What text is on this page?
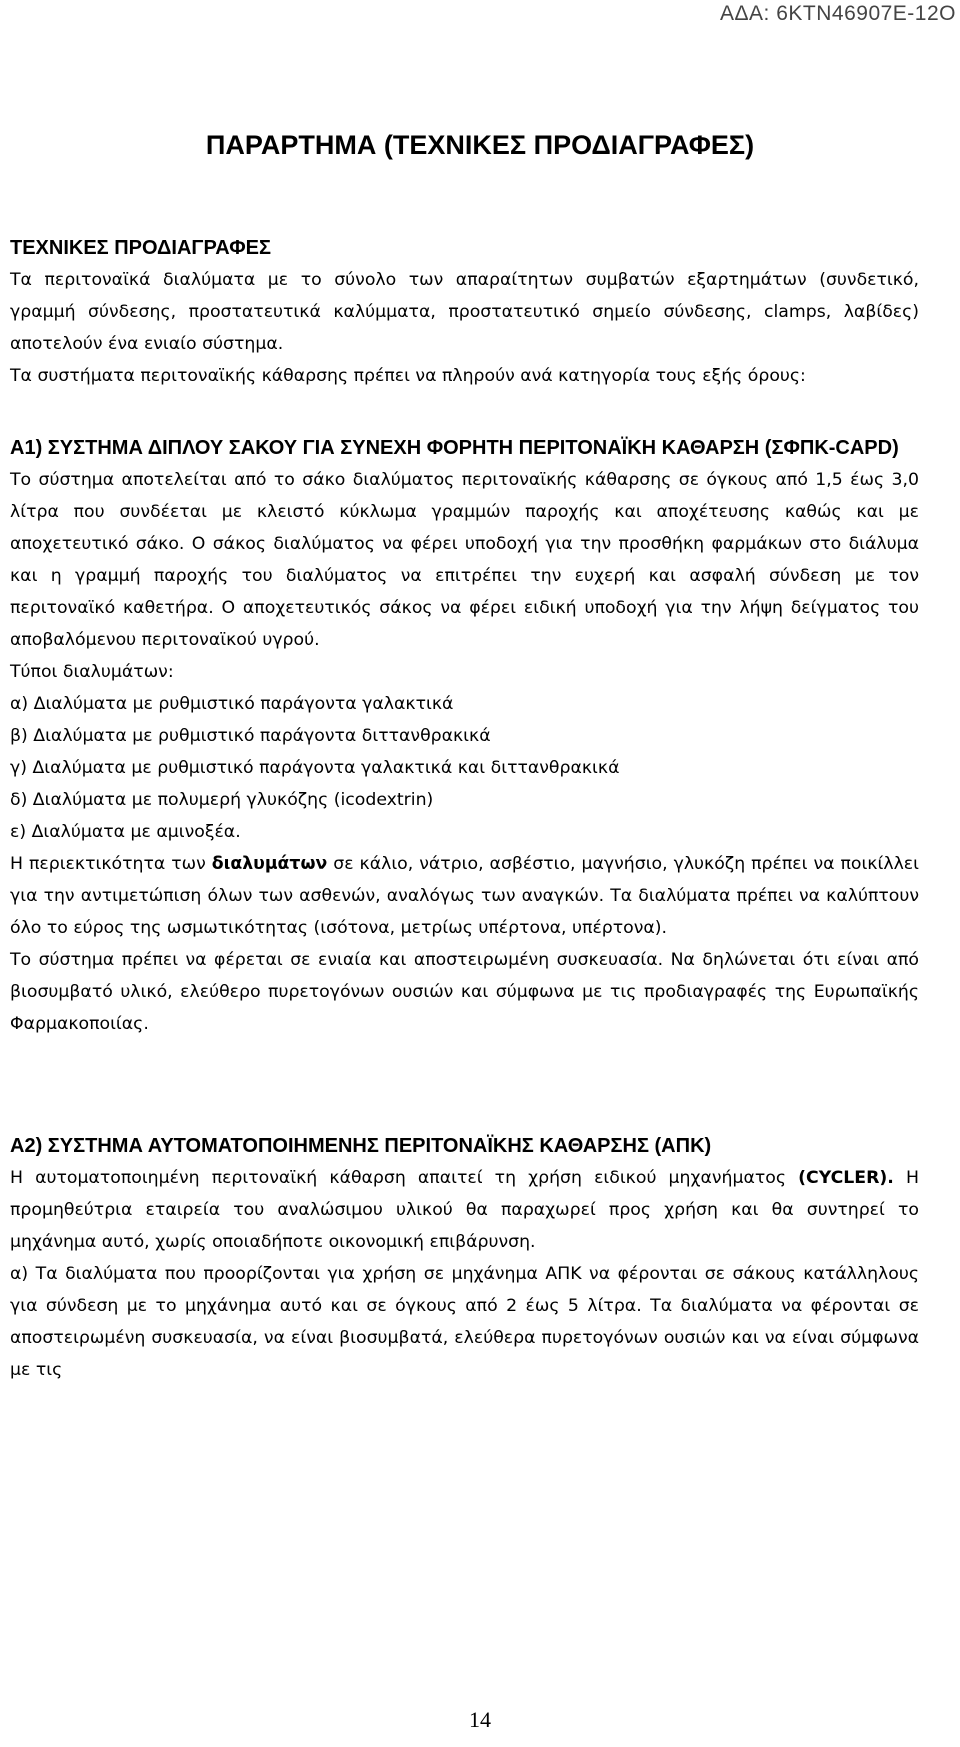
ΑΔΑ: 6ΚΤΝ46907Ε-12Ο
ΠΑΡΑΡΤΗΜΑ (ΤΕΧΝΙΚΕΣ ΠΡΟΔΙΑΓΡΑΦΕΣ)
ΤΕΧΝΙΚΕΣ ΠΡΟΔΙΑΓΡΑΦΕΣ

Τα περιτοναϊκά διαλύματα με το σύνολο των απαραίτητων συμβατών εξαρτημάτων (συνδετικό, γραμμή σύνδεσης, προστατευτικά καλύμματα, προστατευτικό σημείο σύνδεσης, clamps, λαβίδες) αποτελούν ένα ενιαίο σύστημα.

Τα συστήματα περιτοναϊκής κάθαρσης πρέπει να πληρούν ανά κατηγορία τους εξής όρους:

Α1) ΣΥΣΤΗΜΑ ΔΙΠΛΟΥ ΣΑΚΟΥ ΓΙΑ ΣΥΝΕΧΗ ΦΟΡΗΤΗ ΠΕΡΙΤΟΝΑΪΚΗ ΚΑΘΑΡΣΗ (ΣΦΠΚ-CAPD)

Το σύστημα αποτελείται από το σάκο διαλύματος περιτοναϊκής κάθαρσης σε όγκους από 1,5 έως 3,0 λίτρα που συνδέεται με κλειστό κύκλωμα γραμμών παροχής και αποχέτευσης καθώς και με αποχετευτικό σάκο. Ο σάκος διαλύματος να φέρει υποδοχή για την προσθήκη φαρμάκων στο διάλυμα και η γραμμή παροχής του διαλύματος να επιτρέπει την ευχερή και ασφαλή σύνδεση με τον περιτοναϊκό καθετήρα. Ο αποχετευτικός σάκος να φέρει ειδική υποδοχή για την λήψη δείγματος του αποβαλόμενου περιτοναϊκού υγρού.

Τύποι διαλυμάτων:

α) Διαλύματα με ρυθμιστικό παράγοντα γαλακτικά

β) Διαλύματα με ρυθμιστικό παράγοντα διττανθρακικά

γ) Διαλύματα με ρυθμιστικό παράγοντα γαλακτικά και διττανθρακικά

δ) Διαλύματα με πολυμερή γλυκόζης (icodextrin)

ε) Διαλύματα με αμινοξέα.

Η περιεκτικότητα των διαλυμάτων σε κάλιο, νάτριο, ασβέστιο, μαγνήσιο, γλυκόζη πρέπει να ποικίλλει για την αντιμετώπιση όλων των ασθενών, αναλόγως των αναγκών. Τα διαλύματα πρέπει να καλύπτουν όλο το εύρος της ωσμωτικότητας (ισότονα, μετρίως υπέρτονα, υπέρτονα).

Το σύστημα πρέπει να φέρεται σε ενιαία και αποστειρωμένη συσκευασία. Να δηλώνεται ότι είναι από βιοσυμβατό υλικό, ελεύθερο πυρετογόνων ουσιών και σύμφωνα με τις προδιαγραφές της Ευρωπαϊκής Φαρμακοποιίας.

Α2) ΣΥΣΤΗΜΑ ΑΥΤΟΜΑΤΟΠΟΙΗΜΕΝΗΣ ΠΕΡΙΤΟΝΑΪΚΗΣ ΚΑΘΑΡΣΗΣ (ΑΠΚ)

Η αυτοματοποιημένη περιτοναϊκή κάθαρση απαιτεί τη χρήση ειδικού μηχανήματος (CYCLER). Η προμηθεύτρια εταιρεία του αναλώσιμου υλικού θα παραχωρεί προς χρήση και θα συντηρεί το μηχάνημα αυτό, χωρίς οποιαδήποτε οικονομική επιβάρυνση.

α) Τα διαλύματα που προορίζονται για χρήση σε μηχάνημα ΑΠΚ να φέρονται σε σάκους κατάλληλους για σύνδεση με το μηχάνημα αυτό και σε όγκους από 2 έως 5 λίτρα. Τα διαλύματα να φέρονται σε αποστειρωμένη συσκευασία, να είναι βιοσυμβατά, ελεύθερα πυρετογόνων ουσιών και να είναι σύμφωνα με τις

14
